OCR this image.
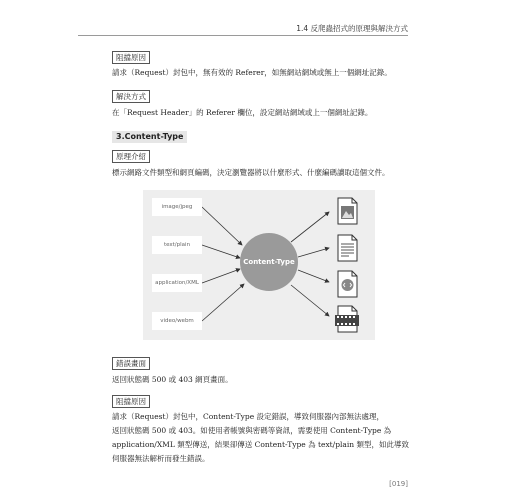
1.4 反爬蟲招式的原理與解決方式
阻擋原因
請求（Request）封包中，無有效的 Referer，如無網站網域或無上一個網址記錄。
解決方式
在「Request Header」的 Referer 欄位，設定網站網域或上一個網址記錄。
3.Content-Type
原理介紹
標示網路文件類型和網頁編碼，決定瀏覽器將以什麼形式、什麼編碼讀取這個文件。
image/jpeg
text/plain
application/XML
video/webm
Content-Type
錯誤畫面
返回狀態碼 500 或 403 網頁畫面。
阻擋原因
請求（Request）封包中，Content-Type 設定錯誤，導致伺服器內部無法處理，
返回狀態碼 500 或 403。如使用者帳號與密碼等資訊，需要使用 Content-Type 為
application/XML 類型傳送，結果卻傳送 Content-Type 為 text/plain 類型，如此導致
伺服器無法解析而發生錯誤。
[019]
